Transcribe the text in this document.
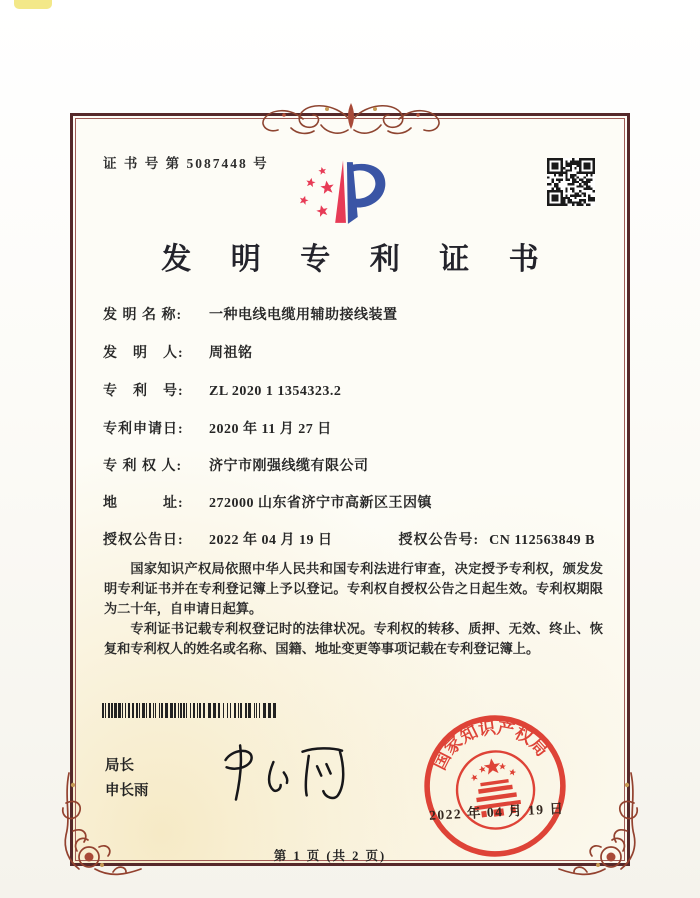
证 书 号 第 5087448 号
发 明 专 利 证 书
发 明 名 称: 一种电线电缆用辅助接线装置
发　明　人: 周祖铭
专　利　号: ZL 2020 1 1354323.2
专利申请日: 2020 年 11 月 27 日
专 利 权 人: 济宁市刚强线缆有限公司
地　　　址: 272000 山东省济宁市高新区王因镇
授权公告日: 2022 年 04 月 19 日	授权公告号: CN 112563849 B

国家知识产权局依照中华人民共和国专利法进行审查，决定授予专利权，颁发发明专利证书并在专利登记簿上予以登记。专利权自授权公告之日起生效。专利权期限为二十年，自申请日起算。

专利证书记载专利权登记时的法律状况。专利权的转移、质押、无效、终止、恢复和专利权人的姓名或名称、国籍、地址变更等事项记载在专利登记簿上。

局长
申长雨
国家知识产权局
2022 年 04 月 19 日
第 1 页 (共 2 页)
